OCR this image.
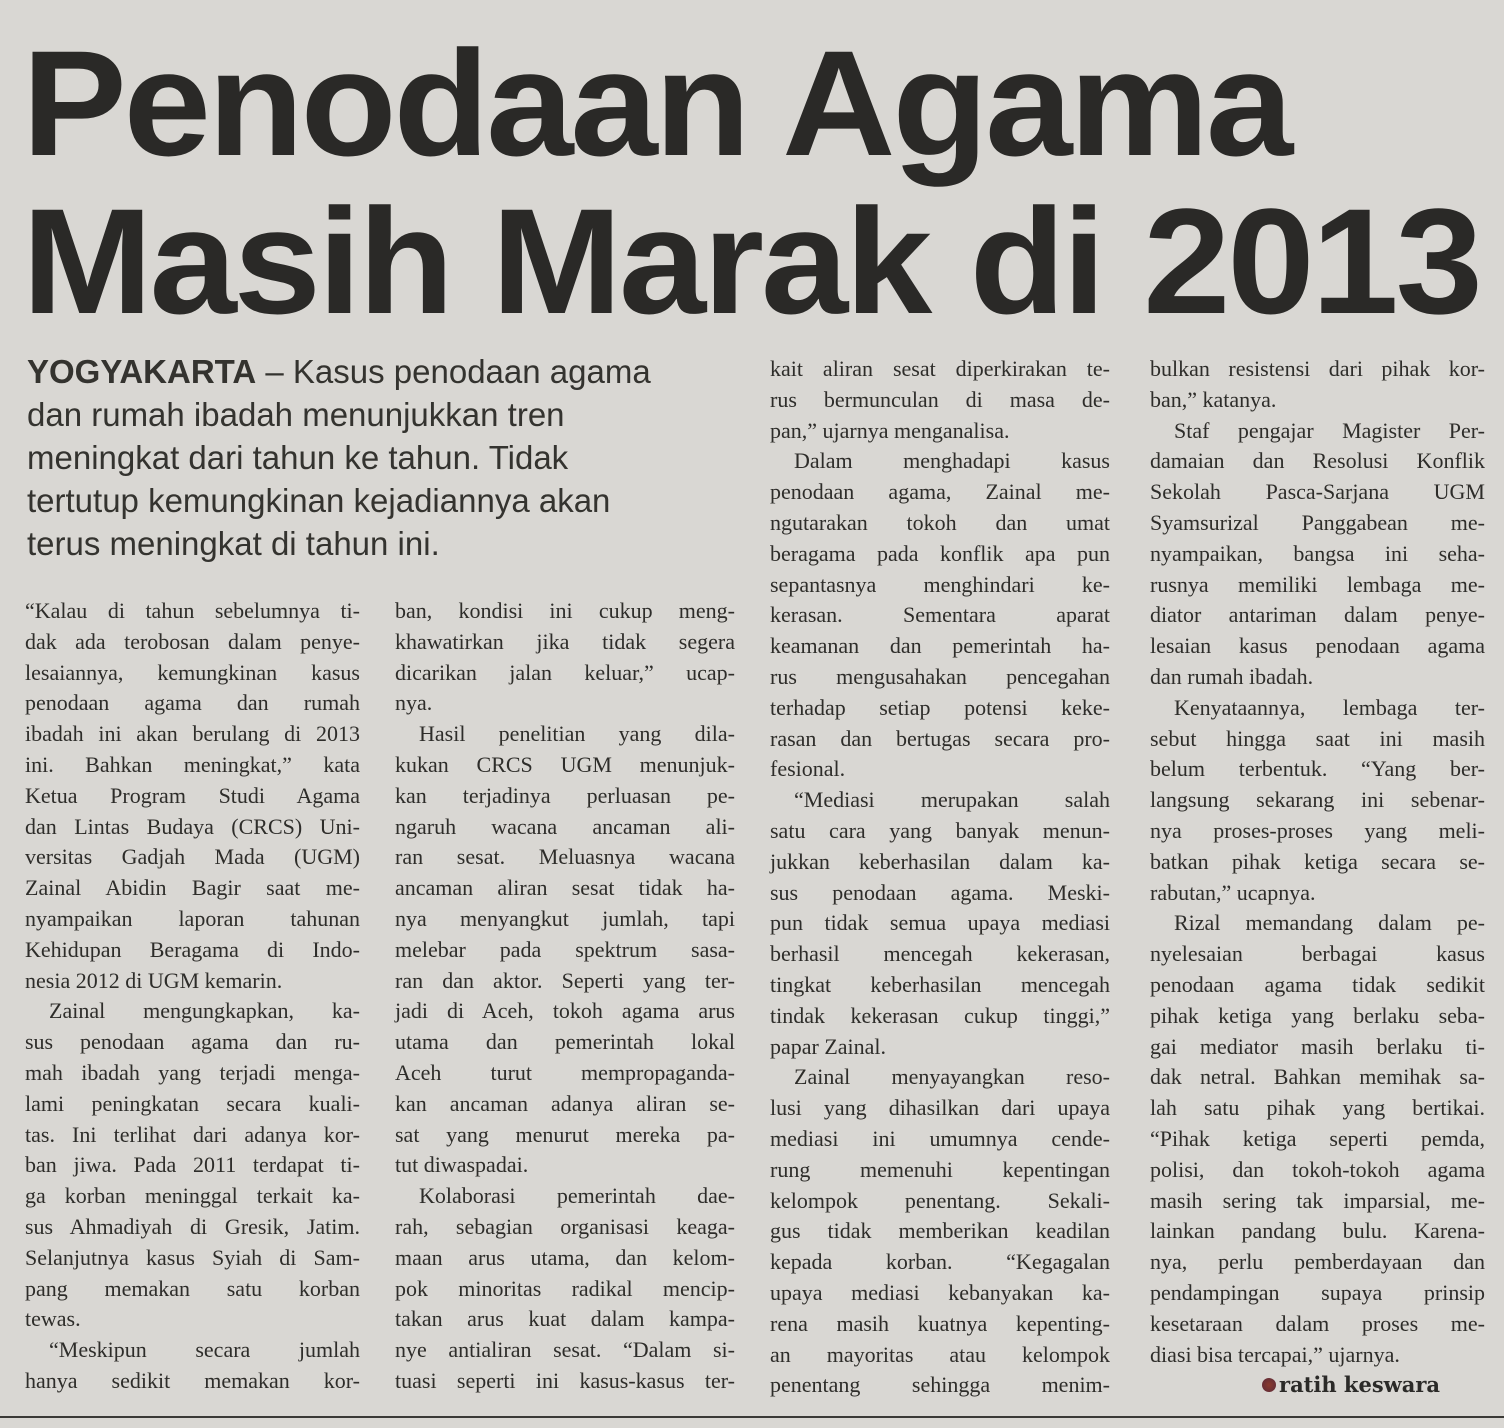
Penodaan Agama
Masih Marak di 2013
YOGYAKARTA – Kasus penodaan agama
dan rumah ibadah menunjukkan tren
meningkat dari tahun ke tahun. Tidak
tertutup kemungkinan kejadiannya akan
terus meningkat di tahun ini.
“Kalau di tahun sebelumnya ti-
dak ada terobosan dalam penye-
lesaiannya, kemungkinan kasus
penodaan agama dan rumah
ibadah ini akan berulang di 2013
ini. Bahkan meningkat,” kata
Ketua Program Studi Agama
dan Lintas Budaya (CRCS) Uni-
versitas Gadjah Mada (UGM)
Zainal Abidin Bagir saat me-
nyampaikan laporan tahunan
Kehidupan Beragama di Indo-
nesia 2012 di UGM kemarin.
Zainal mengungkapkan, ka-
sus penodaan agama dan ru-
mah ibadah yang terjadi menga-
lami peningkatan secara kuali-
tas. Ini terlihat dari adanya kor-
ban jiwa. Pada 2011 terdapat ti-
ga korban meninggal terkait ka-
sus Ahmadiyah di Gresik, Jatim.
Selanjutnya kasus Syiah di Sam-
pang memakan satu korban
tewas.
“Meskipun secara jumlah
hanya sedikit memakan kor-
ban, kondisi ini cukup meng-
khawatirkan jika tidak segera
dicarikan jalan keluar,” ucap-
nya.
Hasil penelitian yang dila-
kukan CRCS UGM menunjuk-
kan terjadinya perluasan pe-
ngaruh wacana ancaman ali-
ran sesat. Meluasnya wacana
ancaman aliran sesat tidak ha-
nya menyangkut jumlah, tapi
melebar pada spektrum sasa-
ran dan aktor. Seperti yang ter-
jadi di Aceh, tokoh agama arus
utama dan pemerintah lokal
Aceh turut mempropaganda-
kan ancaman adanya aliran se-
sat yang menurut mereka pa-
tut diwaspadai.
Kolaborasi pemerintah dae-
rah, sebagian organisasi keaga-
maan arus utama, dan kelom-
pok minoritas radikal mencip-
takan arus kuat dalam kampa-
nye antialiran sesat. “Dalam si-
tuasi seperti ini kasus-kasus ter-
kait aliran sesat diperkirakan te-
rus bermunculan di masa de-
pan,” ujarnya menganalisa.
Dalam menghadapi kasus
penodaan agama, Zainal me-
ngutarakan tokoh dan umat
beragama pada konflik apa pun
sepantasnya menghindari ke-
kerasan. Sementara aparat
keamanan dan pemerintah ha-
rus mengusahakan pencegahan
terhadap setiap potensi keke-
rasan dan bertugas secara pro-
fesional.
“Mediasi merupakan salah
satu cara yang banyak menun-
jukkan keberhasilan dalam ka-
sus penodaan agama. Meski-
pun tidak semua upaya mediasi
berhasil mencegah kekerasan,
tingkat keberhasilan mencegah
tindak kekerasan cukup tinggi,”
papar Zainal.
Zainal menyayangkan reso-
lusi yang dihasilkan dari upaya
mediasi ini umumnya cende-
rung memenuhi kepentingan
kelompok penentang. Sekali-
gus tidak memberikan keadilan
kepada korban. “Kegagalan
upaya mediasi kebanyakan ka-
rena masih kuatnya kepenting-
an mayoritas atau kelompok
penentang sehingga menim-
bulkan resistensi dari pihak kor-
ban,” katanya.
Staf pengajar Magister Per-
damaian dan Resolusi Konflik
Sekolah Pasca-Sarjana UGM
Syamsurizal Panggabean me-
nyampaikan, bangsa ini seha-
rusnya memiliki lembaga me-
diator antariman dalam penye-
lesaian kasus penodaan agama
dan rumah ibadah.
Kenyataannya, lembaga ter-
sebut hingga saat ini masih
belum terbentuk. “Yang ber-
langsung sekarang ini sebenar-
nya proses-proses yang meli-
batkan pihak ketiga secara se-
rabutan,” ucapnya.
Rizal memandang dalam pe-
nyelesaian berbagai kasus
penodaan agama tidak sedikit
pihak ketiga yang berlaku seba-
gai mediator masih berlaku ti-
dak netral. Bahkan memihak sa-
lah satu pihak yang bertikai.
“Pihak ketiga seperti pemda,
polisi, dan tokoh-tokoh agama
masih sering tak imparsial, me-
lainkan pandang bulu. Karena-
nya, perlu pemberdayaan dan
pendampingan supaya prinsip
kesetaraan dalam proses me-
diasi bisa tercapai,” ujarnya.
ratih keswara
